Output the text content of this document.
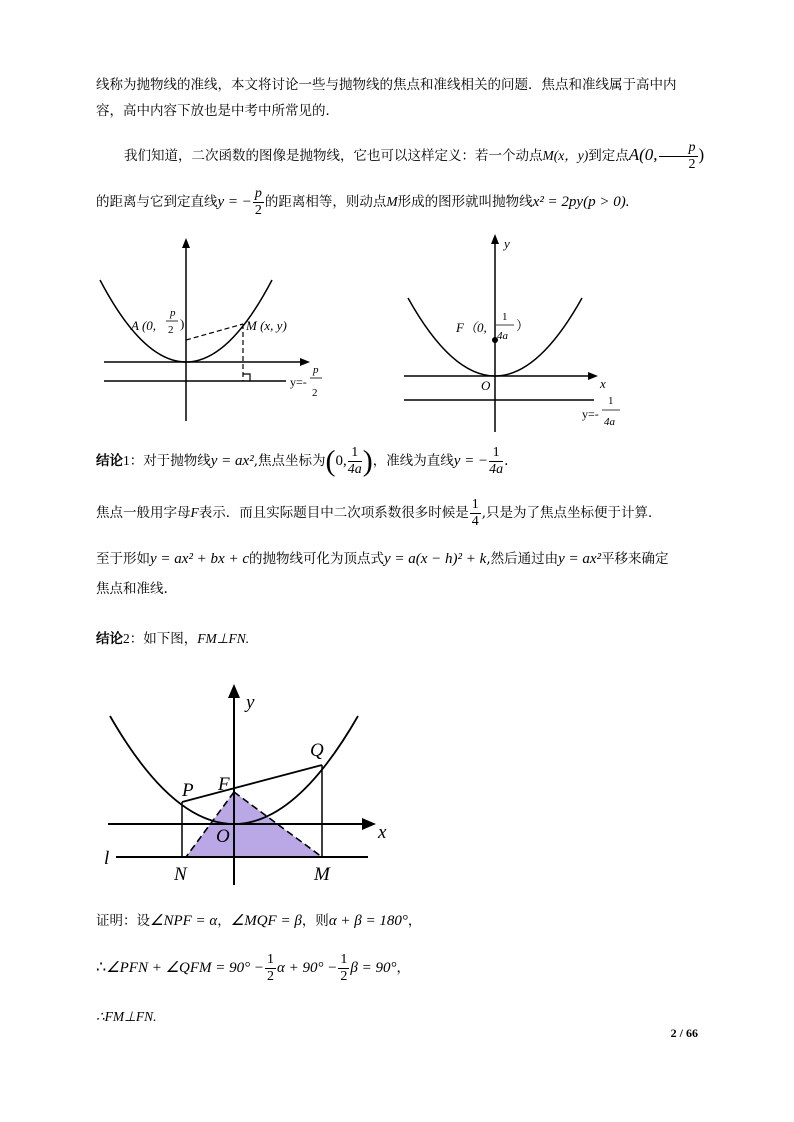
线称为抛物线的准线，本文将讨论一些与抛物线的焦点和准线相关的问题．焦点和准线属于高中内
容，高中内容下放也是中考中所常见的．
我们知道，二次函数的图像是抛物线，它也可以这样定义：若一个动点M(x，y)到定点A(0, $\frac{p}{2}$ )
的距离与它到定直线y = − $\frac{p}{2}$ 的距离相等，则动点M形成的图形就叫抛物线x² = 2py(p > 0).
A (0,
p
2 )	M (x, y)
y=-
p
2
y
x
O
F（0,
1
4a
）
y=-
1
4a
结论1：对于抛物线y = ax²,焦点坐标为(0, $\frac{1}{4a}$ )，准线为直线y = − $\frac{1}{4a}$ .
焦点一般用字母F表示．而且实际题目中二次项系数很多时候是 $\frac{1}{4}$ ,只是为了焦点坐标便于计算．
至于形如y = ax² + bx + c的抛物线可化为顶点式y = a(x − h)² + k,然后通过由y = ax²平移来确定
焦点和准线.
结论2：如下图，FM⊥FN.
y
x
O
F
P
Q
N	M
l
证明：设∠NPF = α，∠MQF = β，则α + β = 180°，
∴∠PFN + ∠QFM = $90^\circ - \frac{1}{2}$ $\alpha + 90^\circ - \frac{1}{2}$ β = 90°，
∴FM⊥FN.
2 / 66
